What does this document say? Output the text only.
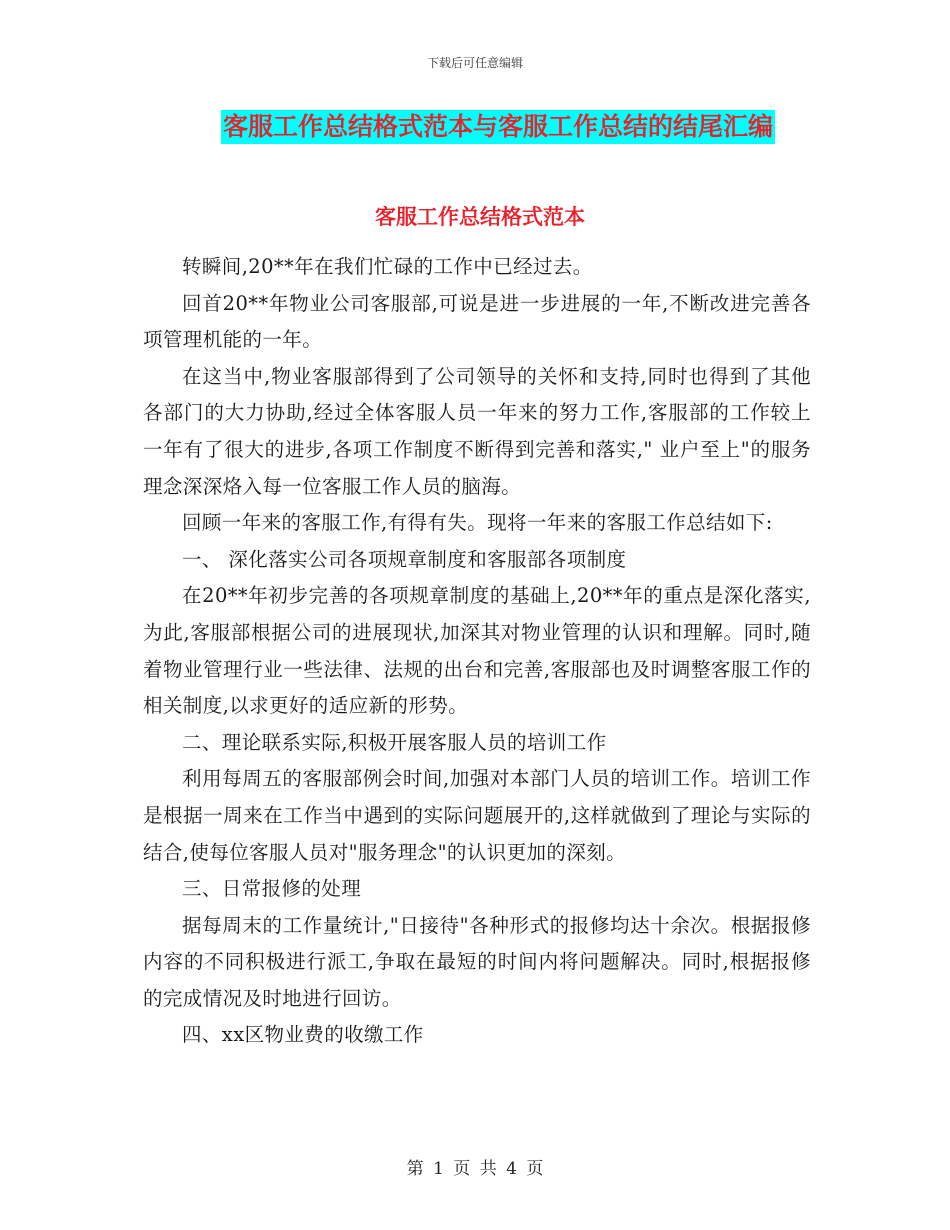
下载后可任意编辑
客服工作总结格式范本与客服工作总结的结尾汇编
客服工作总结格式范本

转瞬间,20**年在我们忙碌的工作中已经过去。

回首20**年物业公司客服部,可说是进一步进展的一年,不断改进完善各项管理机能的一年。

在这当中,物业客服部得到了公司领导的关怀和支持,同时也得到了其他各部门的大力协助,经过全体客服人员一年来的努力工作,客服部的工作较上一年有了很大的进步,各项工作制度不断得到完善和落实," 业户至上"的服务理念深深烙入每一位客服工作人员的脑海。

回顾一年来的客服工作,有得有失。现将一年来的客服工作总结如下:

一、 深化落实公司各项规章制度和客服部各项制度

在20**年初步完善的各项规章制度的基础上,20**年的重点是深化落实,为此,客服部根据公司的进展现状,加深其对物业管理的认识和理解。同时,随着物业管理行业一些法律、法规的出台和完善,客服部也及时调整客服工作的相关制度,以求更好的适应新的形势。

二、理论联系实际,积极开展客服人员的培训工作

利用每周五的客服部例会时间,加强对本部门人员的培训工作。培训工作是根据一周来在工作当中遇到的实际问题展开的,这样就做到了理论与实际的结合,使每位客服人员对"服务理念"的认识更加的深刻。

三、日常报修的处理

据每周末的工作量统计,"日接待"各种形式的报修均达十余次。根据报修内容的不同积极进行派工,争取在最短的时间内将问题解决。同时,根据报修的完成情况及时地进行回访。

四、xx区物业费的收缴工作

第 1 页 共 4 页
